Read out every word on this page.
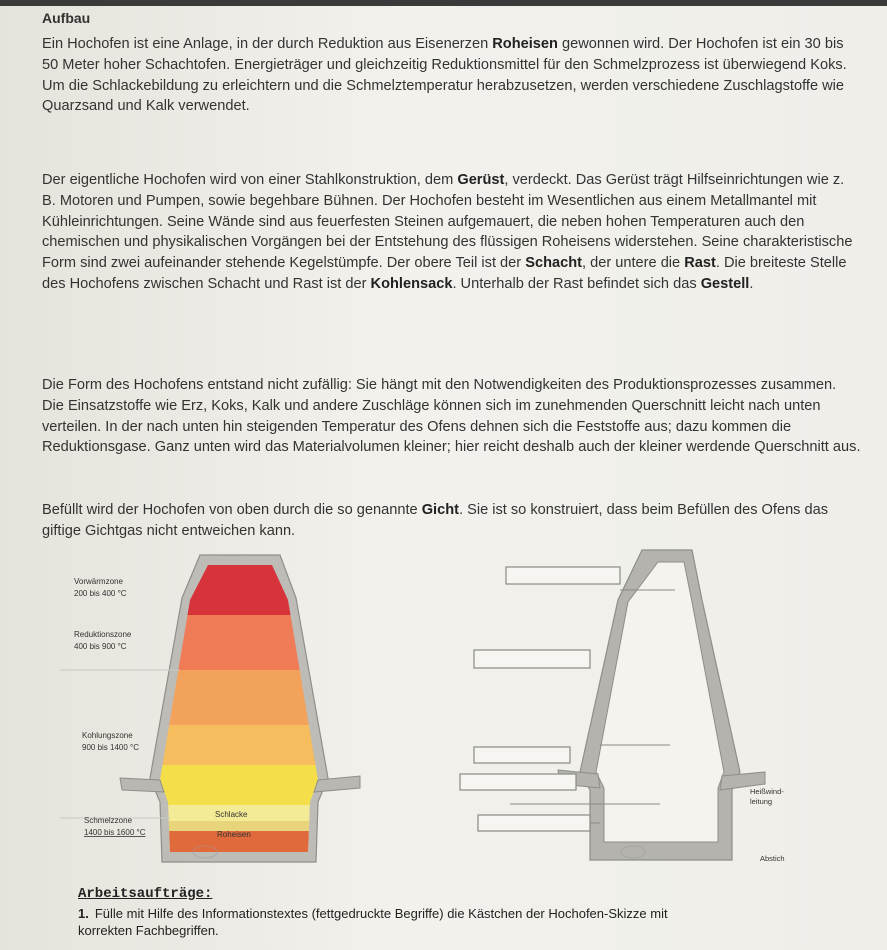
Aufbau
Ein Hochofen ist eine Anlage, in der durch Reduktion aus Eisenerzen Roheisen gewonnen wird. Der Hochofen ist ein 30 bis 50 Meter hoher Schachtofen. Energieträger und gleichzeitig Reduktionsmittel für den Schmelzprozess ist überwiegend Koks. Um die Schlackebildung zu erleichtern und die Schmelztemperatur herabzusetzen, werden verschiedene Zuschlagstoffe wie Quarzsand und Kalk verwendet.
Der eigentliche Hochofen wird von einer Stahlkonstruktion, dem Gerüst, verdeckt. Das Gerüst trägt Hilfseinrichtungen wie z. B. Motoren und Pumpen, sowie begehbare Bühnen. Der Hochofen besteht im Wesentlichen aus einem Metallmantel mit Kühleinrichtungen. Seine Wände sind aus feuerfesten Steinen aufgemauert, die neben hohen Temperaturen auch den chemischen und physikalischen Vorgängen bei der Entstehung des flüssigen Roheisens widerstehen. Seine charakteristische Form sind zwei aufeinander stehende Kegelstümpfe. Der obere Teil ist der Schacht, der untere die Rast. Die breiteste Stelle des Hochofens zwischen Schacht und Rast ist der Kohlensack. Unterhalb der Rast befindet sich das Gestell.
Die Form des Hochofens entstand nicht zufällig: Sie hängt mit den Notwendigkeiten des Produktionsprozesses zusammen. Die Einsatzstoffe wie Erz, Koks, Kalk und andere Zuschläge können sich im zunehmenden Querschnitt leicht nach unten verteilen. In der nach unten hin steigenden Temperatur des Ofens dehnen sich die Feststoffe aus; dazu kommen die Reduktionsgase. Ganz unten wird das Materialvolumen kleiner; hier reicht deshalb auch der kleiner werdende Querschnitt aus.
Befüllt wird der Hochofen von oben durch die so genannte Gicht. Sie ist so konstruiert, dass beim Befüllen des Ofens das giftige Gichtgas nicht entweichen kann.
Vorwärmzone
200 bis 400 °C
Reduktionszone
400 bis 900 °C
Kohlungszone
900 bis 1400 °C
Schmelzzone
1400 bis 1600 °C
Schlacke
Roheisen
Heißwind-
leitung
Abstich
Arbeitsaufträge:
1. Fülle mit Hilfe des Informationstextes (fettgedruckte Begriffe) die Kästchen der Hochofen-Skizze mit
korrekten Fachbegriffen.
